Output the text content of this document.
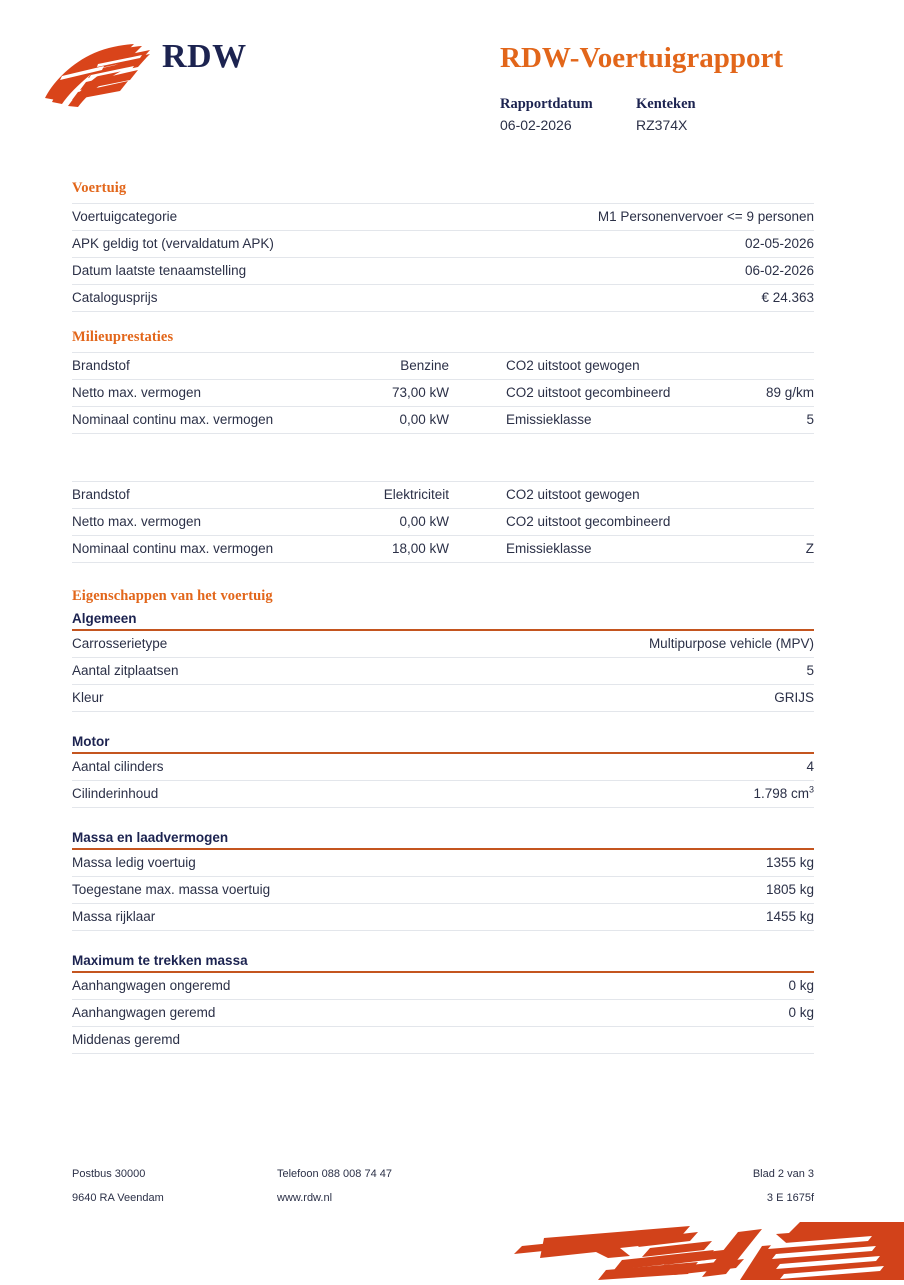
RDW	RDW-Voertuigrapport
Rapportdatum	Kenteken
06-02-2026	RZ374X
Voertuig
Voertuigcategorie	M1 Personenvervoer <= 9 personen
APK geldig tot (vervaldatum APK)	02-05-2026
Datum laatste tenaamstelling	06-02-2026
Catalogusprijs	€ 24.363
Milieuprestaties
Brandstof	Benzine	CO2 uitstoot gewogen	
Netto max. vermogen	73,00 kW	CO2 uitstoot gecombineerd	89 g/km
Nominaal continu max. vermogen	0,00 kW	Emissieklasse	5
Brandstof	Elektriciteit	CO2 uitstoot gewogen	
Netto max. vermogen	0,00 kW	CO2 uitstoot gecombineerd	
Nominaal continu max. vermogen	18,00 kW	Emissieklasse	Z
Eigenschappen van het voertuig
Algemeen
Carrosserietype	Multipurpose vehicle (MPV)
Aantal zitplaatsen	5
Kleur	GRIJS
Motor
Aantal cilinders	4
Cilinderinhoud	1.798 $cm^3$
Massa en laadvermogen
Massa ledig voertuig	1355 kg
Toegestane max. massa voertuig	1805 kg
Massa rijklaar	1455 kg
Maximum te trekken massa
Aanhangwagen ongeremd	0 kg
Aanhangwagen geremd	0 kg
Middenas geremd	
Postbus 30000	Telefoon 088 008 74 47	Blad 2 van 3
9640 RA Veendam	www.rdw.nl	3 E 1675f
